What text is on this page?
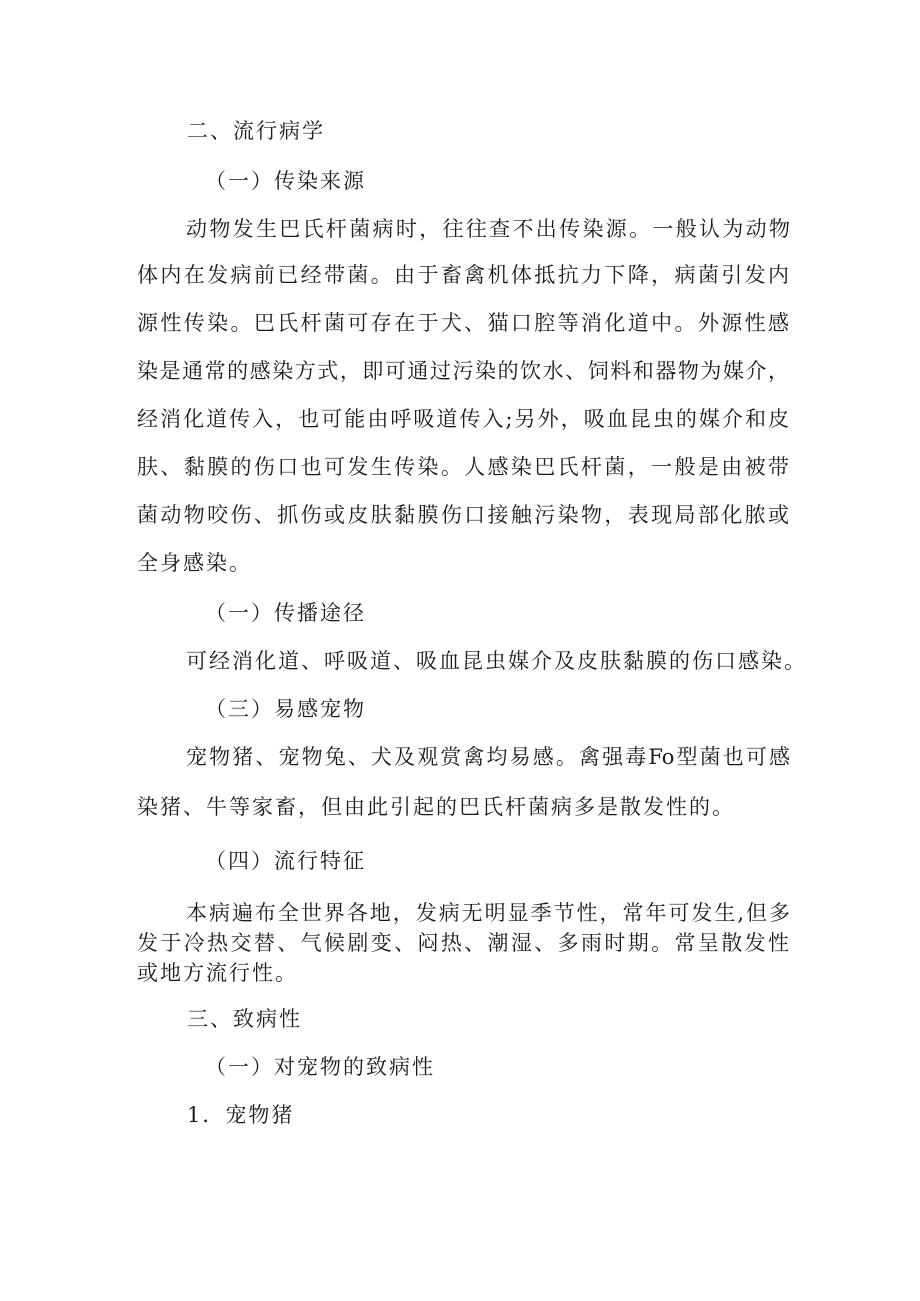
二、流行病学
（一）传染来源
动物发生巴氏杆菌病时，往往查不出传染源。一般认为动物
体内在发病前已经带菌。由于畜禽机体抵抗力下降，病菌引发内
源性传染。巴氏杆菌可存在于犬、猫口腔等消化道中。外源性感
染是通常的感染方式，即可通过污染的饮水、饲料和器物为媒介，
经消化道传入，也可能由呼吸道传入;另外，吸血昆虫的媒介和皮
肤、黏膜的伤口也可发生传染。人感染巴氏杆菌，一般是由被带
菌动物咬伤、抓伤或皮肤黏膜伤口接触污染物，表现局部化脓或
全身感染。
（一）传播途径
可经消化道、呼吸道、吸血昆虫媒介及皮肤黏膜的伤口感染。
（三）易感宠物
宠物猪、宠物兔、犬及观赏禽均易感。禽强毒Fo型菌也可感
染猪、牛等家畜，但由此引起的巴氏杆菌病多是散发性的。
（四）流行特征
本病遍布全世界各地，发病无明显季节性，常年可发生,但多
发于冷热交替、气候剧变、闷热、潮湿、多雨时期。常呈散发性
或地方流行性。
三、致病性
（一）对宠物的致病性
1．宠物猪
